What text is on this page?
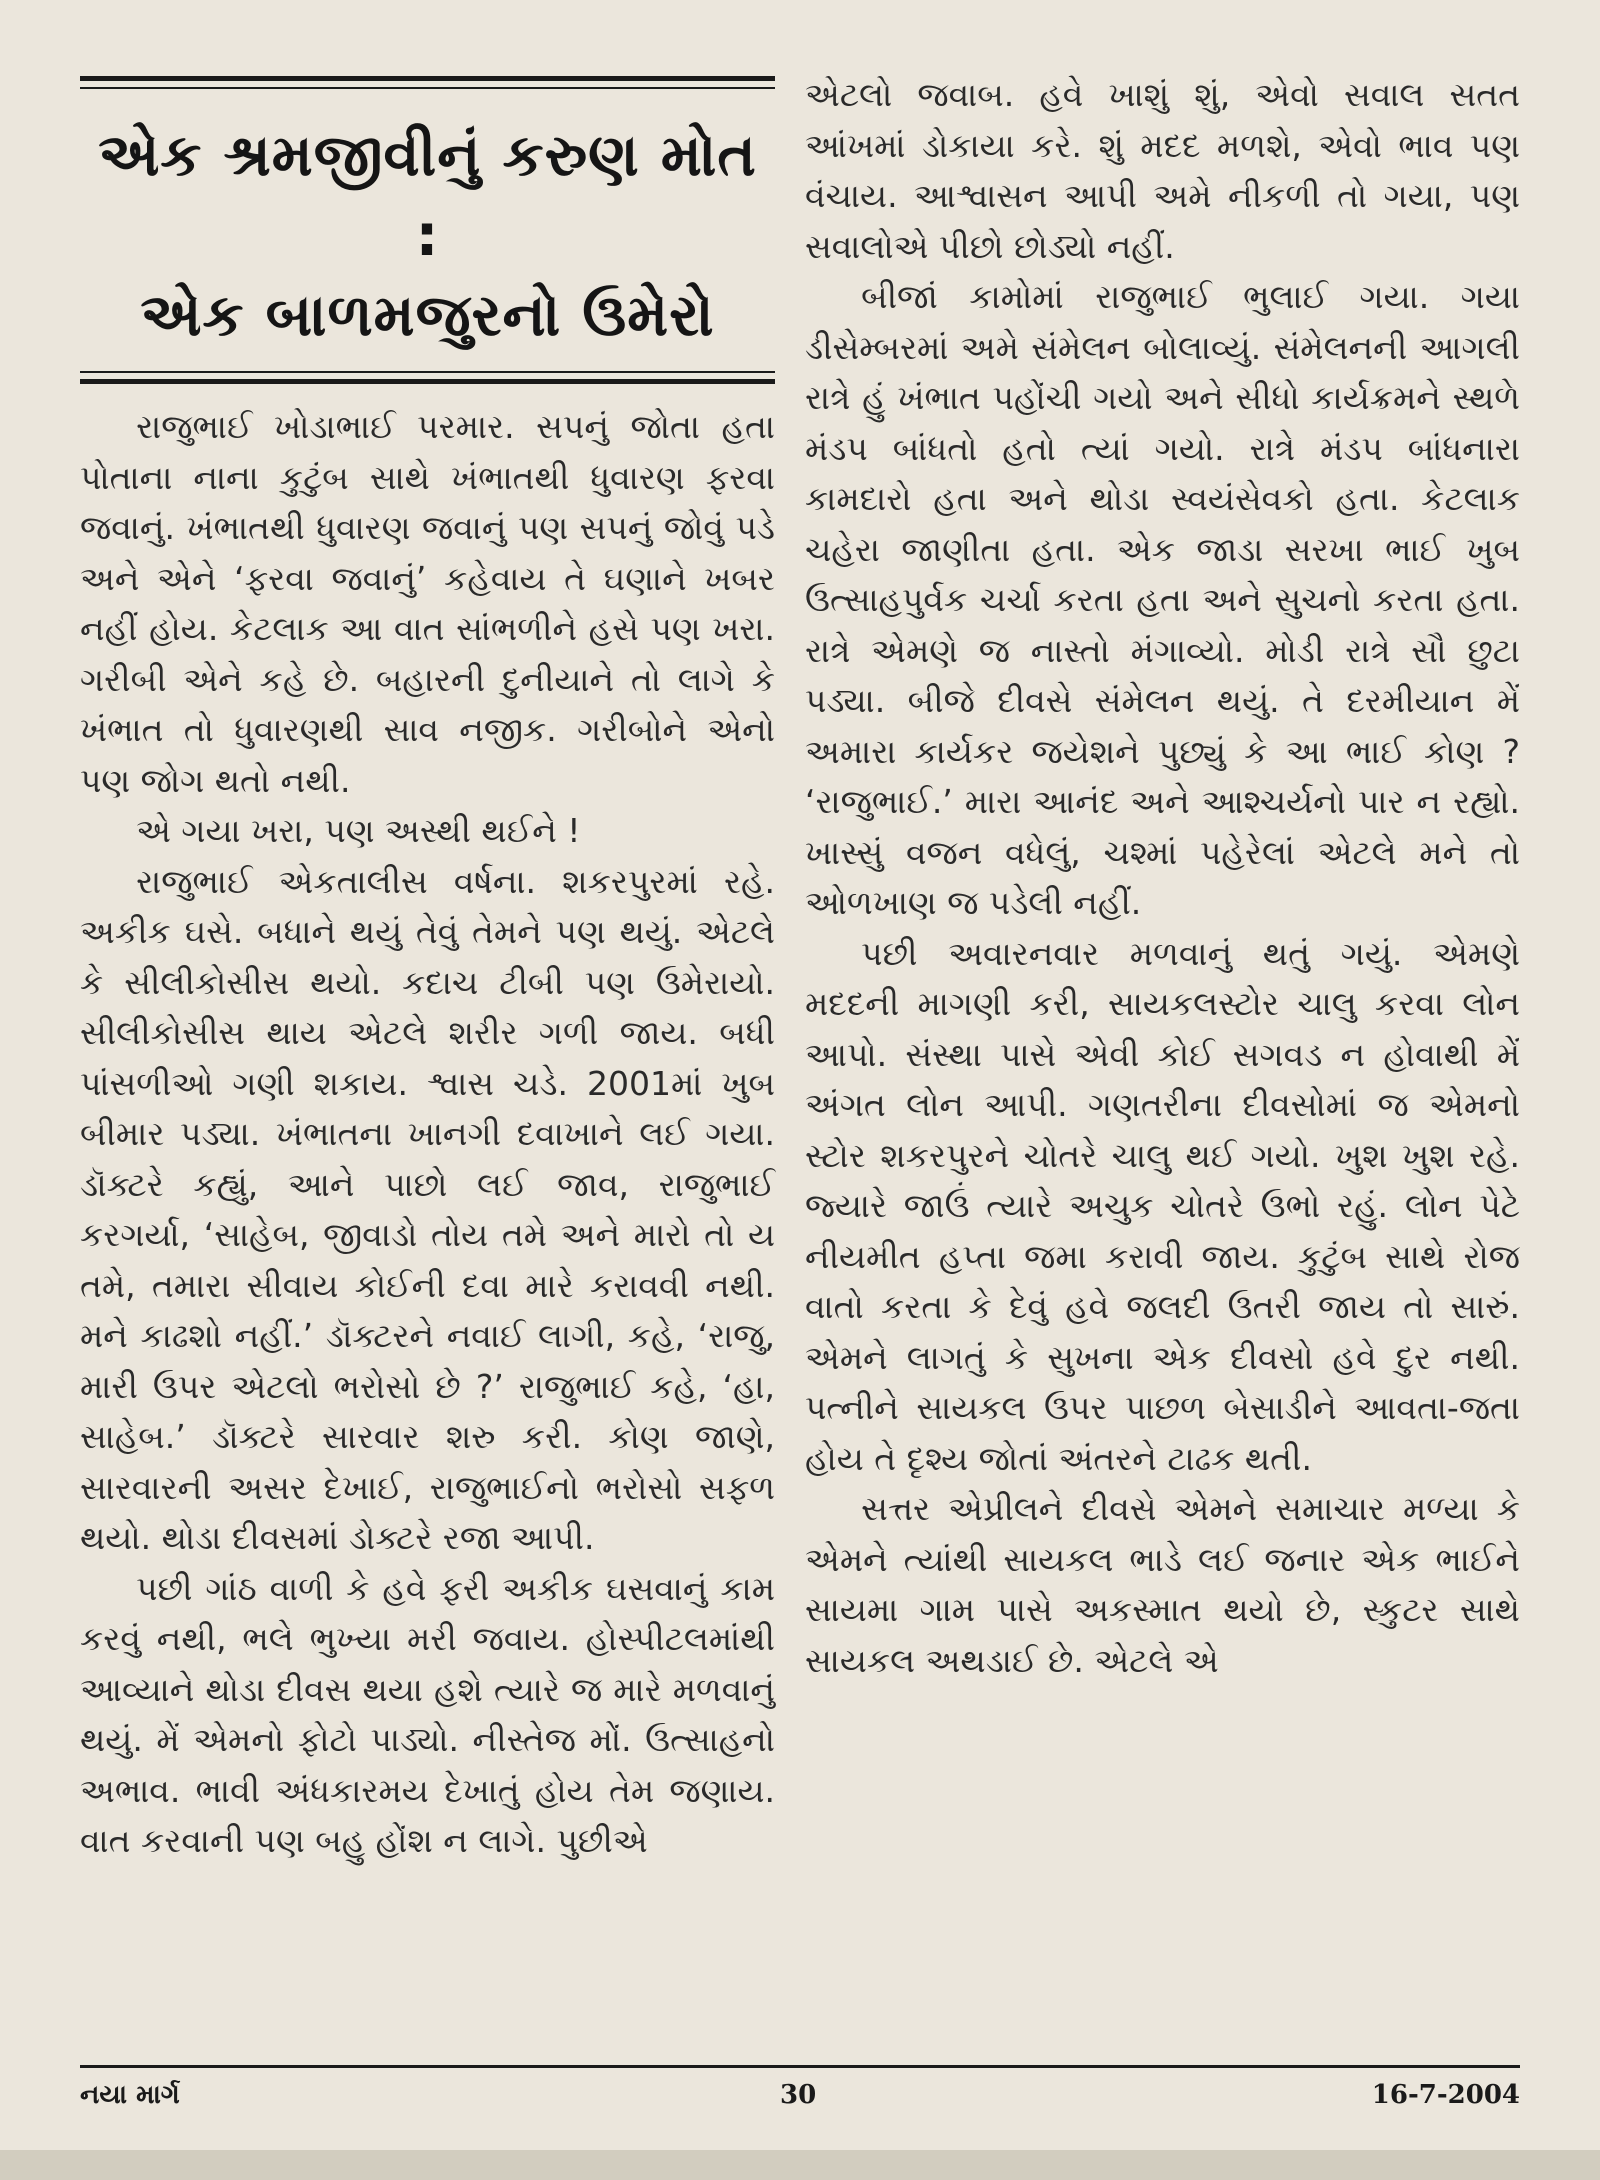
એક શ્રમજીવીનું કરુણ મોત :
એક બાળમજુરનો ઉમેરો

રાજુભાઈ ખોડાભાઈ પરમાર. સપનું જોતા હતા પોતાના નાના કુટુંબ સાથે ખંભાતથી ધુવારણ ફરવા જવાનું. ખંભાતથી ધુવારણ જવાનું પણ સપનું જોવું પડે અને એને ‘ફરવા જવાનું’ કહેવાય તે ઘણાને ખબર નહીં હોય. કેટલાક આ વાત સાંભળીને હસે પણ ખરા. ગરીબી એને કહે છે. બહારની દુનીયાને તો લાગે કે ખંભાત તો ધુવારણથી સાવ નજીક. ગરીબોને એનો પણ જોગ થતો નથી.

એ ગયા ખરા, પણ અસ્થી થઈને !

રાજુભાઈ એકતાલીસ વર્ષના. શકરપુરમાં રહે. અકીક ઘસે. બધાને થયું તેવું તેમને પણ થયું. એટલે કે સીલીકોસીસ થયો. કદાચ ટીબી પણ ઉમેરાયો. સીલીકોસીસ થાય એટલે શરીર ગળી જાય. બધી પાંસળીઓ ગણી શકાય. શ્વાસ ચડે. 2001માં ખુબ બીમાર પડ્યા. ખંભાતના ખાનગી દવાખાને લઈ ગયા. ડૉક્ટરે કહ્યું, આને પાછો લઈ જાવ, રાજુભાઈ કરગર્યા, ‘સાહેબ, જીવાડો તોય તમે અને મારો તો ય તમે, તમારા સીવાય કોઈની દવા મારે કરાવવી નથી. મને કાઢશો નહીં.’ ડૉક્ટરને નવાઈ લાગી, કહે, ‘રાજુ, મારી ઉપર એટલો ભરોસો છે ?’ રાજુભાઈ કહે, ‘હા, સાહેબ.’ ડૉક્ટરે સારવાર શરુ કરી. કોણ જાણે, સારવારની અસર દેખાઈ, રાજુભાઈનો ભરોસો સફળ થયો. થોડા દીવસમાં ડોક્ટરે રજા આપી.

પછી ગાંઠ વાળી કે હવે ફરી અકીક ઘસવાનું કામ કરવું નથી, ભલે ભુખ્યા મરી જવાય. હોસ્પીટલમાંથી આવ્યાને થોડા દીવસ થયા હશે ત્યારે જ મારે મળવાનું થયું. મેં એમનો ફોટો પાડ્યો. નીસ્તેજ મોં. ઉત્સાહનો અભાવ. ભાવી અંધકારમય દેખાતું હોય તેમ જણાય. વાત કરવાની પણ બહુ હોંશ ન લાગે. પુછીએ

એટલો જવાબ. હવે ખાશું શું, એવો સવાલ સતત આંખમાં ડોકાયા કરે. શું મદદ મળશે, એવો ભાવ પણ વંચાય. આશ્વાસન આપી અમે નીકળી તો ગયા, પણ સવાલોએ પીછો છોડ્યો નહીં.

બીજાં કામોમાં રાજુભાઈ ભુલાઈ ગયા. ગયા ડીસેમ્બરમાં અમે સંમેલન બોલાવ્યું. સંમેલનની આગલી રાત્રે હું ખંભાત પહોંચી ગયો અને સીધો કાર્યક્રમને સ્થળે મંડપ બાંધતો હતો ત્યાં ગયો. રાત્રે મંડપ બાંધનારા કામદારો હતા અને થોડા સ્વયંસેવકો હતા. કેટલાક ચહેરા જાણીતા હતા. એક જાડા સરખા ભાઈ ખુબ ઉત્સાહપુર્વક ચર્ચા કરતા હતા અને સુચનો કરતા હતા. રાત્રે એમણે જ નાસ્તો મંગાવ્યો. મોડી રાત્રે સૌ છુટા પડ્યા. બીજે દીવસે સંમેલન થયું. તે દરમીયાન મેં અમારા કાર્યકર જયેશને પુછ્યું કે આ ભાઈ કોણ ? ‘રાજુભાઈ.’ મારા આનંદ અને આશ્ચર્યનો પાર ન રહ્યો. ખાસ્સું વજન વધેલું, ચશ્માં પહેરેલાં એટલે મને તો ઓળખાણ જ પડેલી નહીં.

પછી અવારનવાર મળવાનું થતું ગયું. એમણે મદદની માગણી કરી, સાયકલસ્ટોર ચાલુ કરવા લોન આપો. સંસ્થા પાસે એવી કોઈ સગવડ ન હોવાથી મેં અંગત લોન આપી. ગણતરીના દીવસોમાં જ એમનો સ્ટોર શકરપુરને ચોતરે ચાલુ થઈ ગયો. ખુશ ખુશ રહે. જ્યારે જાઉં ત્યારે અચુક ચોતરે ઉભો રહું. લોન પેટે નીયમીત હપ્તા જમા કરાવી જાય. કુટુંબ સાથે રોજ વાતો કરતા કે દેવું હવે જલદી ઉતરી જાય તો સારું. એમને લાગતું કે સુખના એક દીવસો હવે દુર નથી. પત્નીને સાયકલ ઉપર પાછળ બેસાડીને આવતા-જતા હોય તે દૃશ્ય જોતાં અંતરને ટાઢક થતી.

સત્તર એપ્રીલને દીવસે એમને સમાચાર મળ્યા કે એમને ત્યાંથી સાયકલ ભાડે લઈ જનાર એક ભાઈને સાયમા ગામ પાસે અકસ્માત થયો છે, સ્કુટર સાથે સાયકલ અથડાઈ છે. એટલે એ

નયા માર્ગ	30	16-7-2004
